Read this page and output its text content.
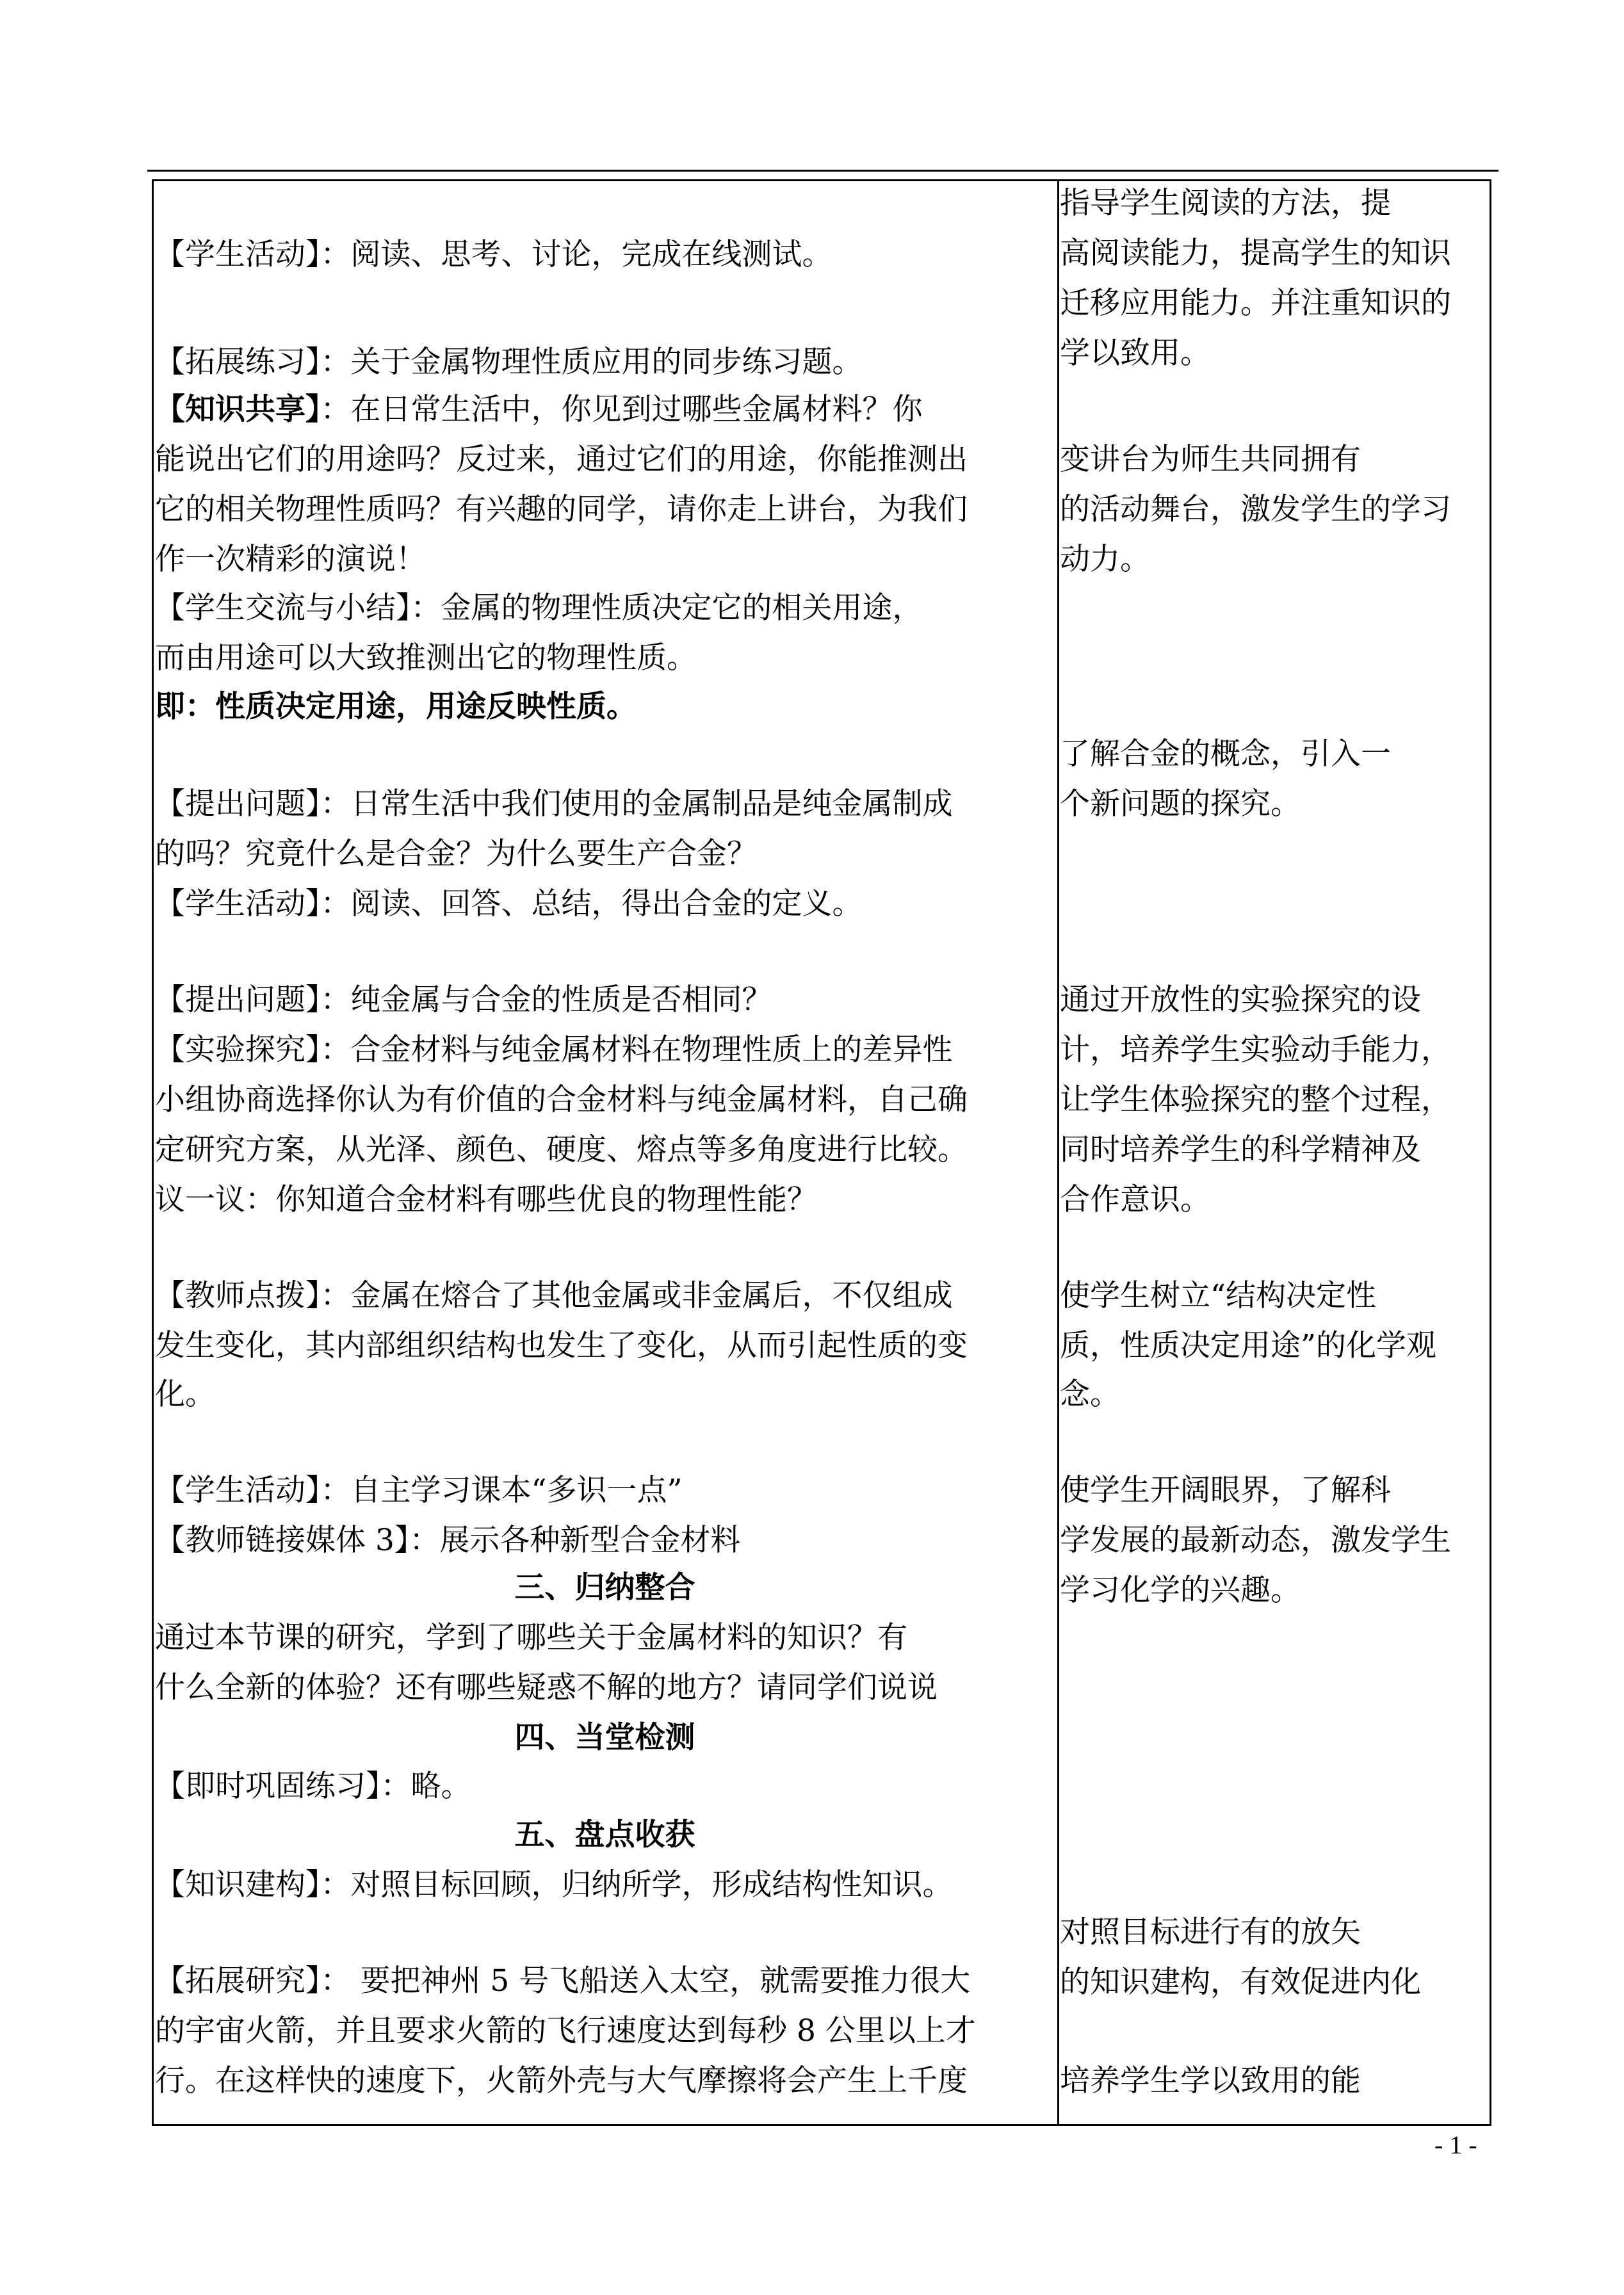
【学生活动】：阅读、思考、讨论，完成在线测试。
【拓展练习】：关于金属物理性质应用的同步练习题。
【知识共享】：在日常生活中，你见到过哪些金属材料？你
能说出它们的用途吗？反过来，通过它们的用途，你能推测出
它的相关物理性质吗？有兴趣的同学，请你走上讲台，为我们
作一次精彩的演说！
【学生交流与小结】：金属的物理性质决定它的相关用途，
而由用途可以大致推测出它的物理性质。
即：性质决定用途，用途反映性质。
【提出问题】：日常生活中我们使用的金属制品是纯金属制成
的吗？究竟什么是合金？为什么要生产合金？
【学生活动】：阅读、回答、总结，得出合金的定义。
【提出问题】：纯金属与合金的性质是否相同？
【实验探究】：合金材料与纯金属材料在物理性质上的差异性
小组协商选择你认为有价值的合金材料与纯金属材料，自己确
定研究方案，从光泽、颜色、硬度、熔点等多角度进行比较。
议一议：你知道合金材料有哪些优良的物理性能？
【教师点拨】：金属在熔合了其他金属或非金属后，不仅组成
发生变化，其内部组织结构也发生了变化，从而引起性质的变
化。
【学生活动】：自主学习课本“多识一点”
【教师链接媒体 3】：展示各种新型合金材料
三、归纳整合
通过本节课的研究，学到了哪些关于金属材料的知识？有
什么全新的体验？还有哪些疑惑不解的地方？请同学们说说
四、当堂检测
【即时巩固练习】：略。
五、盘点收获
【知识建构】：对照目标回顾，归纳所学，形成结构性知识。
【拓展研究】： 要把神州 5 号飞船送入太空，就需要推力很大
的宇宙火箭，并且要求火箭的飞行速度达到每秒 8 公里以上才
行。在这样快的速度下，火箭外壳与大气摩擦将会产生上千度
指导学生阅读的方法，提
高阅读能力，提高学生的知识
迁移应用能力。并注重知识的
学以致用。
变讲台为师生共同拥有
的活动舞台，激发学生的学习
动力。
了解合金的概念，引入一
个新问题的探究。
通过开放性的实验探究的设
计，培养学生实验动手能力，
让学生体验探究的整个过程，
同时培养学生的科学精神及
合作意识。
使学生树立“结构决定性
质，性质决定用途”的化学观
念。
使学生开阔眼界，了解科
学发展的最新动态，激发学生
学习化学的兴趣。
对照目标进行有的放矢
的知识建构，有效促进内化
培养学生学以致用的能
- 1 -
